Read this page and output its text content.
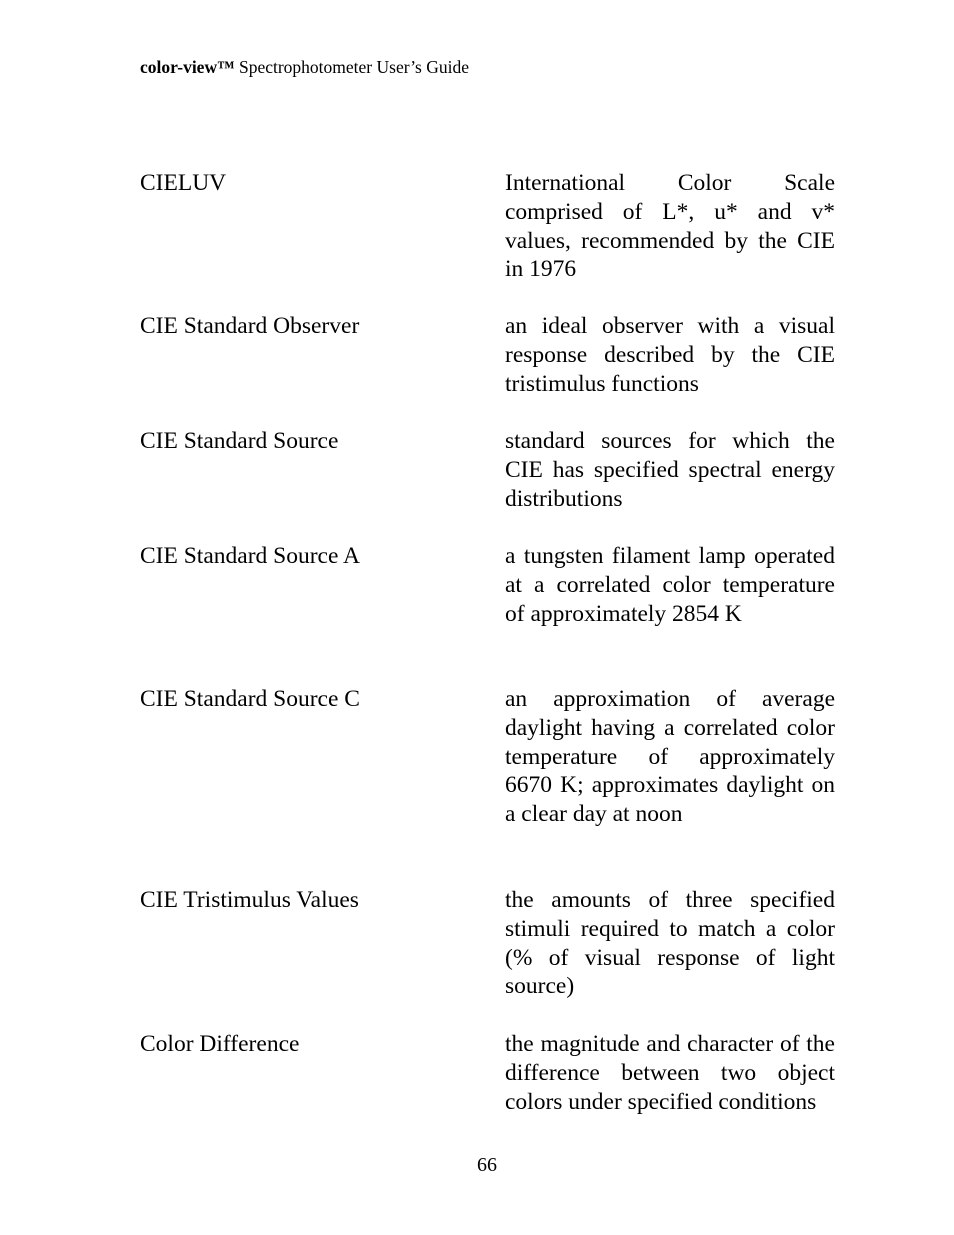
color-view™ Spectrophotometer User’s Guide
CIELUV	International Color Scale comprised of L*, u* and v* values, recommended by the CIE in 1976
CIE Standard Observer	an ideal observer with a visual response described by the CIE tristimulus functions
CIE Standard Source	standard sources for which the CIE has specified spectral energy distributions
CIE Standard Source A	a tungsten filament lamp operated at a correlated color temperature of approximately 2854 K
CIE Standard Source C	an approximation of average daylight having a correlated color temperature of approximately 6670 K; approximates daylight on a clear day at noon
CIE Tristimulus Values	the amounts of three specified stimuli required to match a color (% of visual response of light source)
Color Difference	the magnitude and character of the difference between two object colors under specified conditions
66
